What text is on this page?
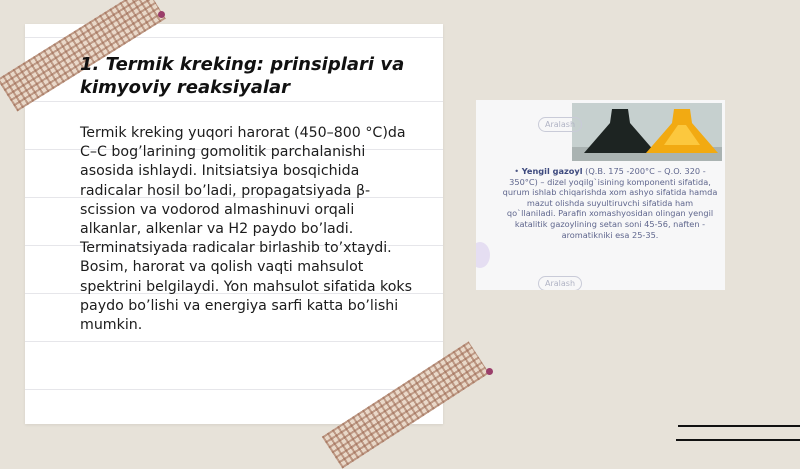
1. Termik kreking: prinsiplari va kimyoviy reaksiyalar

Termik kreking yuqori harorat (450–800 °C)da C–C bog’larining gomolitik parchalanishi asosida ishlaydi. Initsiatsiya bosqichida radicalar hosil bo’ladi, propagatsiyada β-scission va vodorod almashinuvi orqali alkanlar, alkenlar va H2 paydo bo’ladi. Terminatsiyada radicalar birlashib to’xtaydi. Bosim, harorat va qolish vaqti mahsulot spektrini belgilaydi. Yon mahsulot sifatida koks paydo bo’lishi va energiya sarfi katta bo’lishi mumkin.

Aralash

• Yengil gazoyl (Q.B. 175 -200°C – Q.O. 320 - 350°C) – dizel yoqilg`isining komponenti sifatida, qurum ishlab chiqarishda xom ashyo sifatida hamda mazut olishda suyultiruvchi sifatida ham qo`llaniladi. Parafin xomashyosidan olingan yengil katalitik gazoylining setan soni 45-56, naften - aromatikniki esa 25-35.

Aralash
